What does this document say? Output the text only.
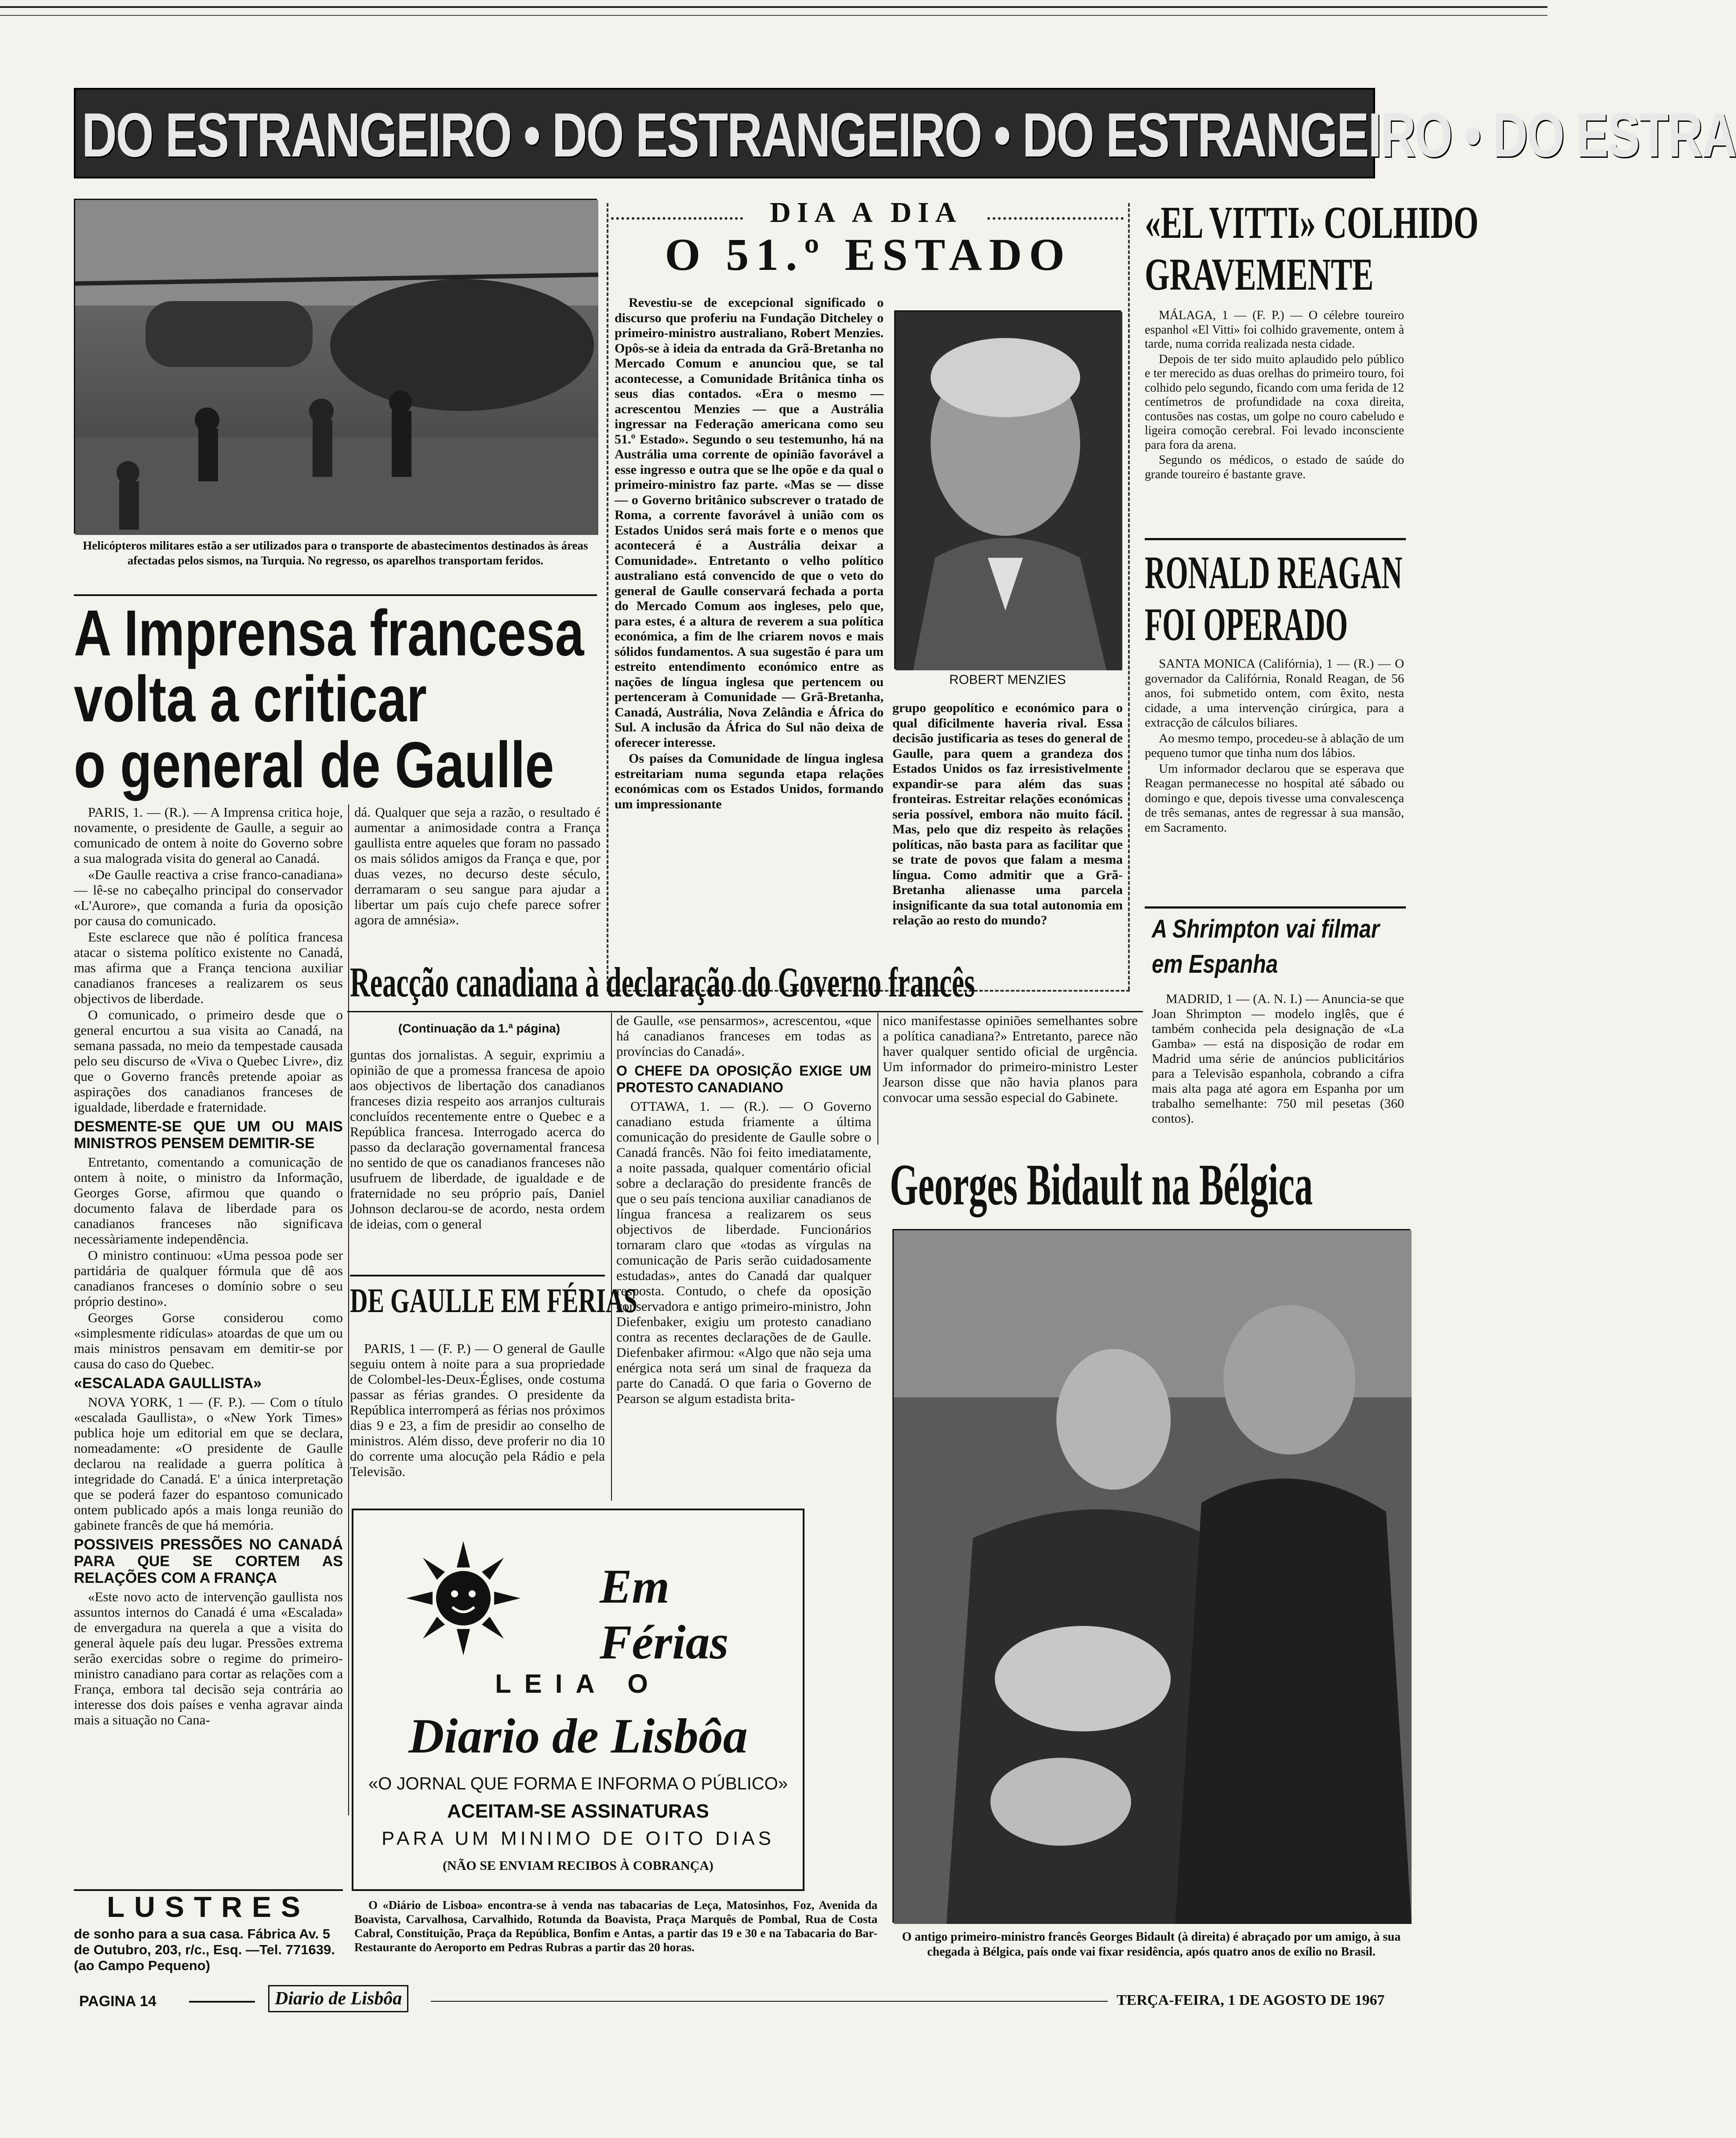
DO ESTRANGEIRO • DO ESTRANGEIRO • DO ESTRANGEIRO • DO ESTRA
Helicópteros militares estão a ser utilizados para o transporte de abastecimentos destinados às áreas afectadas pelos sismos, na Turquia. No regresso, os aparelhos transportam feridos.
A Imprensa francesa
volta a criticar
o general de Gaulle

PARIS, 1. — (R.). — A Imprensa critica hoje, novamente, o presidente de Gaulle, a seguir ao comunicado de ontem à noite do Governo sobre a sua malograda visita do general ao Canadá.

«De Gaulle reactiva a crise franco-canadiana» — lê-se no cabeçalho principal do conservador «L'Aurore», que comanda a furia da oposição por causa do comunicado.

Este esclarece que não é política francesa atacar o sistema político existente no Canadá, mas afirma que a França tenciona auxiliar canadianos franceses a realizarem os seus objectivos de liberdade.

O comunicado, o primeiro desde que o general encurtou a sua visita ao Canadá, na semana passada, no meio da tempestade causada pelo seu discurso de «Viva o Quebec Livre», diz que o Governo francês pretende apoiar as aspirações dos canadianos franceses de igualdade, liberdade e fraternidade.

DESMENTE-SE QUE UM OU MAIS MINISTROS PENSEM DEMITIR-SE

Entretanto, comentando a comunicação de ontem à noite, o ministro da Informação, Georges Gorse, afirmou que quando o documento falava de liberdade para os canadianos franceses não significava necessàriamente independência.

O ministro continuou: «Uma pessoa pode ser partidária de qualquer fórmula que dê aos canadianos franceses o domínio sobre o seu próprio destino».

Georges Gorse considerou como «simplesmente ridículas» atoardas de que um ou mais ministros pensavam em demitir-se por causa do caso do Quebec.

«ESCALADA GAULLISTA»

NOVA YORK, 1 — (F. P.). — Com o título «escalada Gaullista», o «New York Times» publica hoje um editorial em que se declara, nomeadamente: «O presidente de Gaulle declarou na realidade a guerra política à integridade do Canadá. E' a única interpretação que se poderá fazer do espantoso comunicado ontem publicado após a mais longa reunião do gabinete francês de que há memória.

POSSIVEIS PRESSÕES NO CANADÁ PARA QUE SE CORTEM AS RELAÇÕES COM A FRANÇA

«Este novo acto de intervenção gaullista nos assuntos internos do Canadá é uma «Escalada» de envergadura na querela a que a visita do general àquele país deu lugar. Pressões extrema serão exercidas sobre o regime do primeiro-ministro canadiano para cortar as relações com a França, embora tal decisão seja contrária ao interesse dos dois países e venha agravar ainda mais a situação no Cana-

dá. Qualquer que seja a razão, o resultado é aumentar a animosidade contra a França gaullista entre aqueles que foram no passado os mais sólidos amigos da França e que, por duas vezes, no decurso deste século, derramaram o seu sangue para ajudar a libertar um país cujo chefe parece sofrer agora de amnésia».

DIA A DIA
O 51.º ESTADO

Revestiu-se de excepcional significado o discurso que proferiu na Fundação Ditcheley o primeiro-ministro australiano, Robert Menzies. Opôs-se à ideia da entrada da Grã-Bretanha no Mercado Comum e anunciou que, se tal acontecesse, a Comunidade Britânica tinha os seus dias contados. «Era o mesmo — acrescentou Menzies — que a Austrália ingressar na Federação americana como seu 51.º Estado». Segundo o seu testemunho, há na Austrália uma corrente de opinião favorável a esse ingresso e outra que se lhe opõe e da qual o primeiro-ministro faz parte. «Mas se — disse — o Governo britânico subscrever o tratado de Roma, a corrente favorável à união com os Estados Unidos será mais forte e o menos que acontecerá é a Austrália deixar a Comunidade». Entretanto o velho político australiano está convencido de que o veto do general de Gaulle conservará fechada a porta do Mercado Comum aos ingleses, pelo que, para estes, é a altura de reverem a sua política económica, a fim de lhe criarem novos e mais sólidos fundamentos. A sua sugestão é para um estreito entendimento económico entre as nações de língua inglesa que pertencem ou pertenceram à Comunidade — Grã-Bretanha, Canadá, Austrália, Nova Zelândia e África do Sul. A inclusão da África do Sul não deixa de oferecer interesse.

Os países da Comunidade de língua inglesa estreitariam numa segunda etapa relações económicas com os Estados Unidos, formando um impressionante

ROBERT MENZIES

grupo geopolítico e económico para o qual dificilmente haveria rival. Essa decisão justificaria as teses do general de Gaulle, para quem a grandeza dos Estados Unidos os faz irresistivelmente expandir-se para além das suas fronteiras. Estreitar relações económicas seria possível, embora não muito fácil. Mas, pelo que diz respeito às relações políticas, não basta para as facilitar que se trate de povos que falam a mesma língua. Como admitir que a Grã-Bretanha alienasse uma parcela insignificante da sua total autonomia em relação ao resto do mundo?

«EL VITTI» COLHIDO
GRAVEMENTE

MÁLAGA, 1 — (F. P.) — O célebre toureiro espanhol «El Vitti» foi colhido gravemente, ontem à tarde, numa corrida realizada nesta cidade.

Depois de ter sido muito aplaudido pelo público e ter merecido as duas orelhas do primeiro touro, foi colhido pelo segundo, ficando com uma ferida de 12 centímetros de profundidade na coxa direita, contusões nas costas, um golpe no couro cabeludo e ligeira comoção cerebral. Foi levado inconsciente para fora da arena.

Segundo os médicos, o estado de saúde do grande toureiro é bastante grave.

RONALD REAGAN
FOI OPERADO

SANTA MONICA (Califórnia), 1 — (R.) — O governador da Califórnia, Ronald Reagan, de 56 anos, foi submetido ontem, com êxito, nesta cidade, a uma intervenção cirúrgica, para a extracção de cálculos biliares.

Ao mesmo tempo, procedeu-se à ablação de um pequeno tumor que tinha num dos lábios.

Um informador declarou que se esperava que Reagan permanecesse no hospital até sábado ou domingo e que, depois tivesse uma convalescença de três semanas, antes de regressar à sua mansão, em Sacramento.

A Shrimpton vai filmar
em Espanha

MADRID, 1 — (A. N. I.) — Anuncia-se que Joan Shrimpton — modelo inglês, que é também conhecida pela designação de «La Gamba» — está na disposição de rodar em Madrid uma série de anúncios publicitários para a Televisão espanhola, cobrando a cifra mais alta paga até agora em Espanha por um trabalho semelhante: 750 mil pesetas (360 contos).

Reacção canadiana à declaração do Governo francês
(Continuação da 1.ª página)

guntas dos jornalistas. A seguir, exprimiu a opinião de que a promessa francesa de apoio aos objectivos de libertação dos canadianos franceses dizia respeito aos arranjos culturais concluídos recentemente entre o Quebec e a República francesa. Interrogado acerca do passo da declaração governamental francesa no sentido de que os canadianos franceses não usufruem de liberdade, de igualdade e de fraternidade no seu próprio país, Daniel Johnson declarou-se de acordo, nesta ordem de ideias, com o general

de Gaulle, «se pensarmos», acrescentou, «que há canadianos franceses em todas as províncias do Canadá».

O CHEFE DA OPOSIÇÃO EXIGE UM PROTESTO CANADIANO

OTTAWA, 1. — (R.). — O Governo canadiano estuda friamente a última comunicação do presidente de Gaulle sobre o Canadá francês. Não foi feito imediatamente, a noite passada, qualquer comentário oficial sobre a declaração do presidente francês de que o seu país tenciona auxiliar canadianos de língua francesa a realizarem os seus objectivos de liberdade. Funcionários tornaram claro que «todas as vírgulas na comunicação de Paris serão cuidadosamente estudadas», antes do Canadá dar qualquer resposta. Contudo, o chefe da oposição conservadora e antigo primeiro-ministro, John Diefenbaker, exigiu um protesto canadiano contra as recentes declarações de de Gaulle. Diefenbaker afirmou: «Algo que não seja uma enérgica nota será um sinal de fraqueza da parte do Canadá. O que faria o Governo de Pearson se algum estadista brita-

nico manifestasse opiniões semelhantes sobre a política canadiana?» Entretanto, parece não haver qualquer sentido oficial de urgência. Um informador do primeiro-ministro Lester Jearson disse que não havia planos para convocar uma sessão especial do Gabinete.

DE GAULLE EM FÉRIAS

PARIS, 1 — (F. P.) — O general de Gaulle seguiu ontem à noite para a sua propriedade de Colombel-les-Deux-Églises, onde costuma passar as férias grandes. O presidente da República interromperá as férias nos próximos dias 9 e 23, a fim de presidir ao conselho de ministros. Além disso, deve proferir no dia 10 do corrente uma alocução pela Rádio e pela Televisão.

Georges Bidault na Bélgica
O antigo primeiro-ministro francês Georges Bidault (à direita) é abraçado por um amigo, à sua chegada à Bélgica, país onde vai fixar residência, após quatro anos de exílio no Brasil.
Em Férias
LEIA O
Diario de Lisbôa
«O JORNAL QUE FORMA E INFORMA O PÚBLICO»
ACEITAM-SE ASSINATURAS
PARA UM MINIMO DE OITO DIAS
(NÃO SE ENVIAM RECIBOS À COBRANÇA)
O «Diário de Lisboa» encontra-se à venda nas tabacarias de Leça, Matosinhos, Foz, Avenida da Boavista, Carvalhosa, Carvalhido, Rotunda da Boavista, Praça Marquês de Pombal, Rua de Costa Cabral, Constituição, Praça da República, Bonfim e Antas, a partir das 19 e 30 e na Tabacaria do Bar-Restaurante do Aeroporto em Pedras Rubras a partir das 20 horas.
LUSTRES
de sonho para a sua casa. Fábrica Av. 5 de Outubro, 203, r/c., Esq. —Tel. 771639. (ao Campo Pequeno)
PAGINA 14	Diario de Lisbôa	TERÇA-FEIRA, 1 DE AGOSTO DE 1967
